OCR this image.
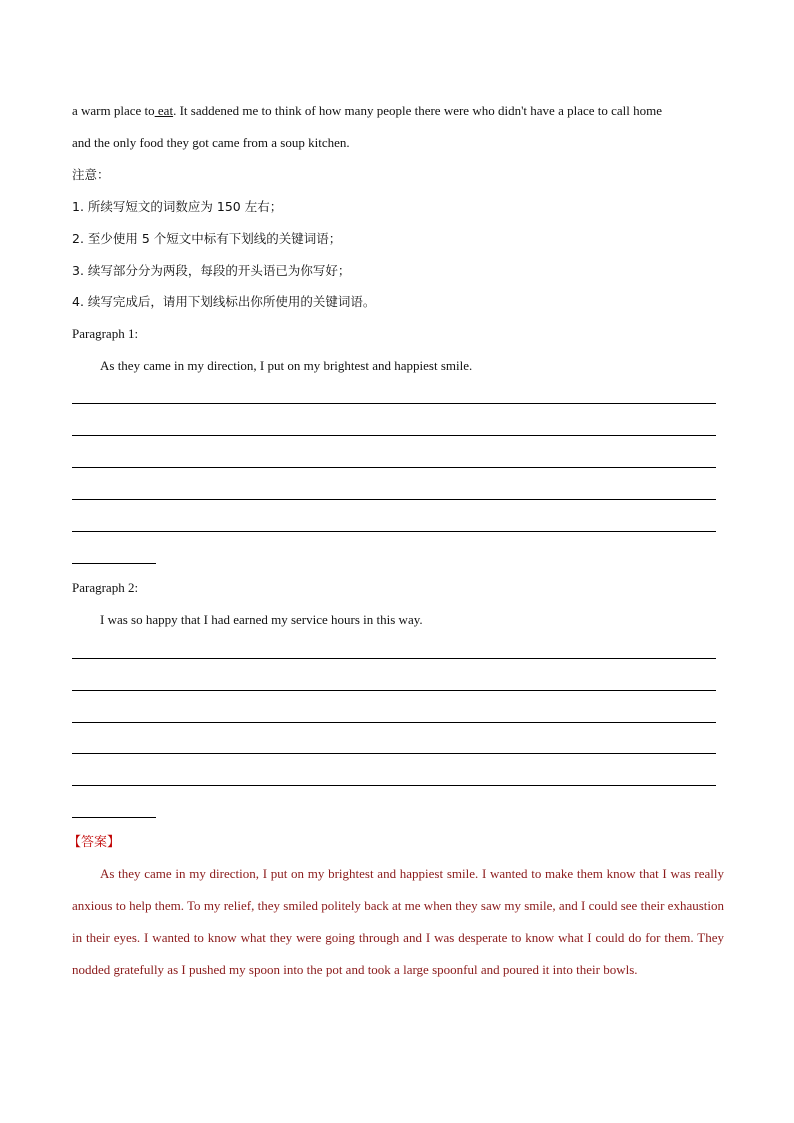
a warm place to eat. It saddened me to think of how many people there were who didn't have a place to call home
and the only food they got came from a soup kitchen.
注意：
1. 所续写短文的词数应为 150 左右；
2. 至少使用 5 个短文中标有下划线的关键词语；
3. 续写部分分为两段，每段的开头语已为你写好；
4. 续写完成后，请用下划线标出你所使用的关键词语。
Paragraph 1:
As they came in my direction, I put on my brightest and happiest smile.
Paragraph 2:
I was so happy that I had earned my service hours in this way.
【答案】
As they came in my direction, I put on my brightest and happiest smile. I wanted to make them know that I was really anxious to help them. To my relief, they smiled politely back at me when they saw my smile, and I could see their exhaustion in their eyes. I wanted to know what they were going through and I was desperate to know what I could do for them. They nodded gratefully as I pushed my spoon into the pot and took a large spoonful and poured it into their bowls.
